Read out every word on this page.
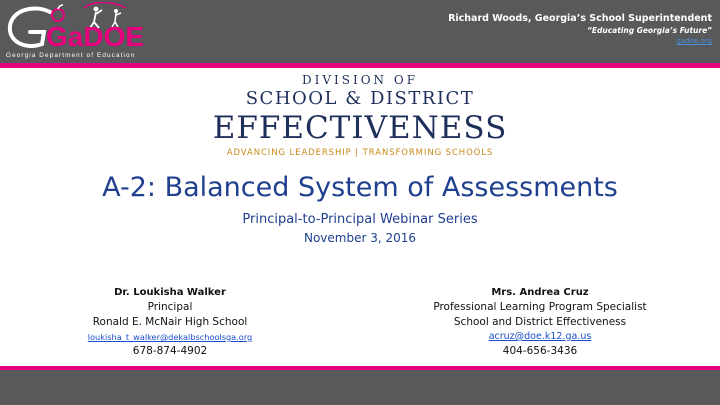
GaDOE
Georgia Department of Education
Richard Woods, Georgia’s School Superintendent
“Educating Georgia’s Future”
gadoe.org
DIVISION OF
SCHOOL & DISTRICT
EFFECTIVENESS
ADVANCING LEADERSHIP | TRANSFORMING SCHOOLS
A-2: Balanced System of Assessments
Principal-to-Principal Webinar Series
November 3, 2016
Dr. Loukisha Walker
Principal
Ronald E. McNair High School
loukisha_t_walker@dekalbschoolsga.org
678-874-4902
Mrs. Andrea Cruz
Professional Learning Program Specialist
School and District Effectiveness
acruz@doe.k12.ga.us
404-656-3436
